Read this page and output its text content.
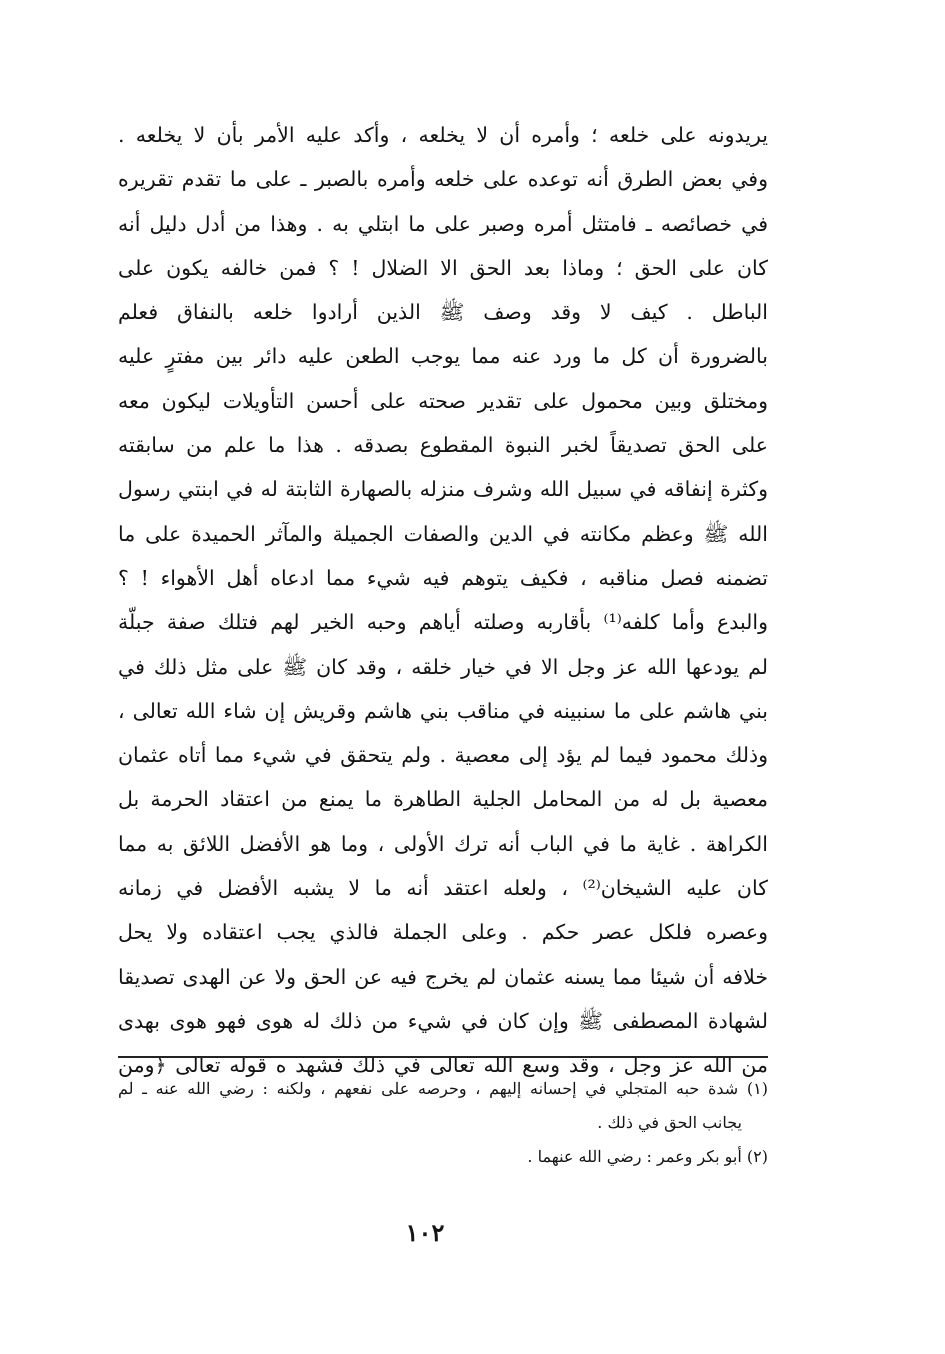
يريدونه على خلعه ؛ وأمره أن لا يخلعه ، وأكد عليه الأمر بأن لا يخلعه .
وفي بعض الطرق أنه توعده على خلعه وأمره بالصبر ـ على ما تقدم تقريره
في خصائصه ـ فامتثل أمره وصبر على ما ابتلي به . وهذا من أدل دليل أنه
كان على الحق ؛ وماذا بعد الحق الا الضلال ! ؟ فمن خالفه يكون على
الباطل . كيف لا وقد وصف ﷺ الذين أرادوا خلعه بالنفاق فعلم
بالضرورة أن كل ما ورد عنه مما يوجب الطعن عليه دائر بين مفترٍ عليه
ومختلق وبين محمول على تقدير صحته على أحسن التأويلات ليكون معه
على الحق تصديقاً لخبر النبوة المقطوع بصدقه . هذا ما علم من سابقته
وكثرة إنفاقه في سبيل الله وشرف منزله بالصهارة الثابتة له في ابنتي رسول
الله ﷺ وعظم مكانته في الدين والصفات الجميلة والمآثر الحميدة على ما
تضمنه فصل مناقبه ، فكيف يتوهم فيه شيء مما ادعاه أهل الأهواء ! ؟
والبدع وأما كلفه⁽¹⁾ بأقاربه وصلته أياهم وحبه الخير لهم فتلك صفة جبلّة
لم يودعها الله عز وجل الا في خيار خلقه ، وقد كان ﷺ على مثل ذلك في
بني هاشم على ما سنبينه في مناقب بني هاشم وقريش إن شاء الله تعالى ،
وذلك محمود فيما لم يؤد إلى معصية . ولم يتحقق في شيء مما أتاه عثمان
معصية بل له من المحامل الجلية الطاهرة ما يمنع من اعتقاد الحرمة بل
الكراهة . غاية ما في الباب أنه ترك الأولى ، وما هو الأفضل اللائق به مما
كان عليه الشيخان⁽²⁾ ، ولعله اعتقد أنه ما لا يشبه الأفضل في زمانه
وعصره فلكل عصر حكم . وعلى الجملة فالذي يجب اعتقاده ولا يحل
خلافه أن شيئا مما يسنه عثمان لم يخرج فيه عن الحق ولا عن الهدى تصديقا
لشهادة المصطفى ﷺ وإن كان في شيء من ذلك له هوى فهو هوى بهدى
من الله عز وجل ، وقد وسع الله تعالى في ذلك فشهد ه قوله تعالى ﴿ومن
(١) شدة حبه المتجلي في إحسانه إليهم ، وحرصه على نفعهم ، ولكنه : رضي الله عنه ـ لم
يجانب الحق في ذلك .
(٢) أبو بكر وعمر : رضي الله عنهما .
١٠٢
